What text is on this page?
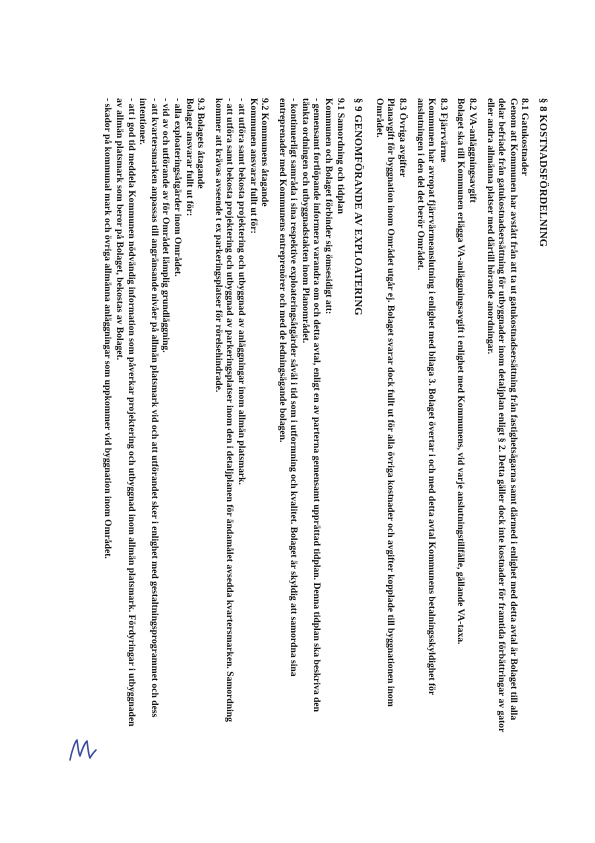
§ 8 KOSTNADSFÖRDELNING
8.1 Gatukostnader

Genom att Kommunen har avstått från att ta ut gatukostnadsersättning från fastighetsägarna samt därmed i enlighet med detta avtal är Bolaget till alla delar befriade från gatukostnadsersättning för utbyggnader inom detaljplan enligt § 2. Detta gäller dock inte kostnader för framtida förbättringar av gator eller andra allmänna platser med därtill hörande anordningar.

8.2 VA-anläggningsavgift

Bolaget ska till Kommunen erlägga VA-anläggningsavgift i enlighet med Kommunens, vid varje anslutningstillfälle, gällande VA-taxa.

8.3 Fjärrvärme

Kommunen har avropat fjärrvärmeanslutning i enlighet med bilaga 3. Bolaget övertar i och med detta avtal Kommunens betalningsskyldighet för anslutningen i den del det berör Området.

8.3 Övriga avgifter

Planavgift för byggnation inom Området utgår ej. Bolaget svarar dock fullt ut för alla övriga kostnader och avgifter kopplade till byggnationen inom Området.

§ 9 GENOMFÖRANDE AV EXPLOATERING
9.1 Samordning och tidplan

Kommunen och Bolaget förbinder sig ömsesidigt att:

- gemensamt fortlöpande informera varandra om och detta avtal, enligt en av parterna gemensamt upprättad tidplan. Denna tidplan ska beskriva den tänkta ordningen och utbyggnadstakten inom Planområdet.

- kontinuerligt samråda i sina respektive exploateringsåtgärder såväl i tid som i utformning och kvalitet. Bolaget är skyldig att samordna sina entreprenader med Kommunens entreprenörer och med de ledningsägande bolagen.

9.2 Kommunens åtagande

Kommunen ansvarar fullt ut för:

- att utföra samt bekosta projektering och utbyggnad av anläggningar inom allmän platsmark.

- att utföra samt bekosta projektering och utbyggnad av parkeringsplatser inom den i detaljplanen för ändamålet avsedda kvartersmarken. Samordning kommer att krävas avseende t ex parkeringsplatser för rörelsehindrade.

9.3 Bolagets åtagande

Bolaget ansvarar fullt ut för:

- alla exploateringsåtgärder inom Området.

- vid av och utförande av för Området lämplig grundläggning.

- att kvartersmarken anpassas till angränsande nivåer på allmän platsmark vid och att utförandet sker i enlighet med gestaltningsprogrammet och dess intentioner.

- att i god tid meddela Kommunen nödvändig information som påverkar projektering och utbyggnad inom allmän platsmark. Fördyringar i utbyggnaden av allmän platsmark som beror på Bolaget, bekostas av Bolaget.

- skador på kommunal mark och övriga allmänna anläggningar som uppkommer vid byggnation inom Området.
